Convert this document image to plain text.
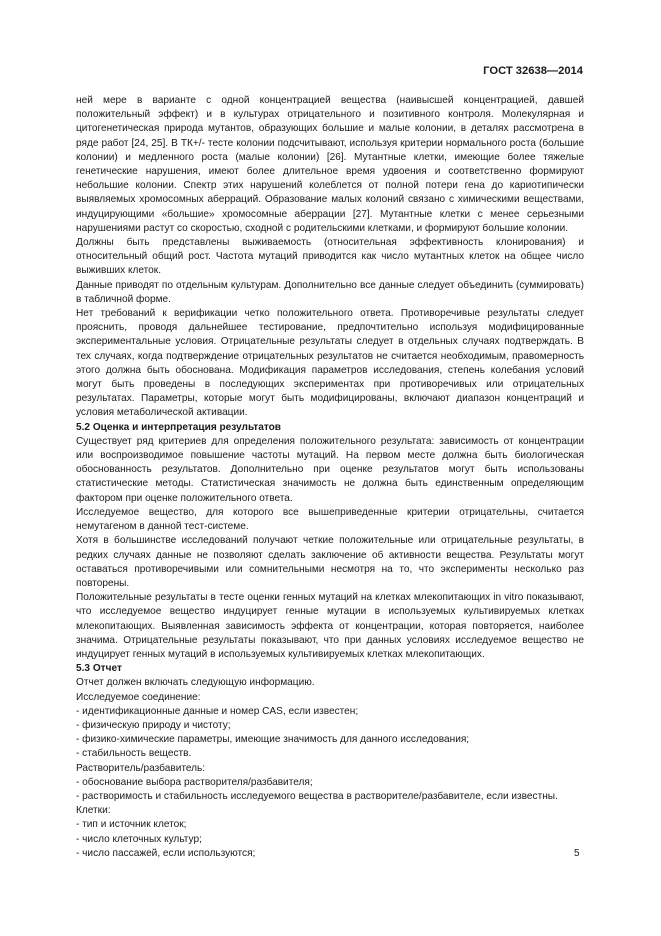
ГОСТ 32638—2014

ней мере в варианте с одной концентрацией вещества (наивысшей концентрацией, давшей положительный эффект) и в культурах отрицательного и позитивного контроля. Молекулярная и цитогенетическая природа мутантов, образующих большие и малые колонии, в деталях рассмотрена в ряде работ [24, 25]. В ТК+/- тесте колонии подсчитывают, используя критерии нормального роста (большие колонии) и медленного роста (малые колонии) [26]. Мутантные клетки, имеющие более тяжелые генетические нарушения, имеют более длительное время удвоения и соответственно формируют небольшие колонии. Спектр этих нарушений колеблется от полной потери гена до кариотипически выявляемых хромосомных аберраций. Образование малых колоний связано с химическими веществами, индуцирующими «большие» хромосомные аберрации [27]. Мутантные клетки с менее серьезными нарушениями растут со скоростью, сходной с родительскими клетками, и формируют большие колонии.

Должны быть представлены выживаемость (относительная эффективность клонирования) и относительный общий рост. Частота мутаций приводится как число мутантных клеток на общее число выживших клеток.

Данные приводят по отдельным культурам. Дополнительно все данные следует объединить (суммировать) в табличной форме.

Нет требований к верификации четко положительного ответа. Противоречивые результаты следует прояснить, проводя дальнейшее тестирование, предпочтительно используя модифицированные экспериментальные условия. Отрицательные результаты следует в отдельных случаях подтверждать. В тех случаях, когда подтверждение отрицательных результатов не считается необходимым, правомерность этого должна быть обоснована. Модификация параметров исследования, степень колебания условий могут быть проведены в последующих экспериментах при противоречивых или отрицательных результатах. Параметры, которые могут быть модифицированы, включают диапазон концентраций и условия метаболической активации.

5.2 Оценка и интерпретация результатов

Существует ряд критериев для определения положительного результата: зависимость от концентрации или воспроизводимое повышение частоты мутаций. На первом месте должна быть биологическая обоснованность результатов. Дополнительно при оценке результатов могут быть использованы статистические методы. Статистическая значимость не должна быть единственным определяющим фактором при оценке положительного ответа.

Исследуемое вещество, для которого все вышеприведенные критерии отрицательны, считается немутагеном в данной тест-системе.

Хотя в большинстве исследований получают четкие положительные или отрицательные результаты, в редких случаях данные не позволяют сделать заключение об активности вещества. Результаты могут оставаться противоречивыми или сомнительными несмотря на то, что эксперименты несколько раз повторены.

Положительные результаты в тесте оценки генных мутаций на клетках млекопитающих in vitro показывают, что исследуемое вещество индуцирует генные мутации в используемых культивируемых клетках млекопитающих. Выявленная зависимость эффекта от концентрации, которая повторяется, наиболее значима. Отрицательные результаты показывают, что при данных условиях исследуемое вещество не индуцирует генных мутаций в используемых культивируемых клетках млекопитающих.

5.3 Отчет

Отчет должен включать следующую информацию.

Исследуемое соединение:

- идентификационные данные и номер CAS, если известен;

- физическую природу и чистоту;

- физико-химические параметры, имеющие значимость для данного исследования;

- стабильность веществ.

Растворитель/разбавитель:

- обоснование выбора растворителя/разбавителя;

- растворимость и стабильность исследуемого вещества в растворителе/разбавителе, если известны.

Клетки:

- тип и источник клеток;

- число клеточных культур;

- число пассажей, если используются;	5
